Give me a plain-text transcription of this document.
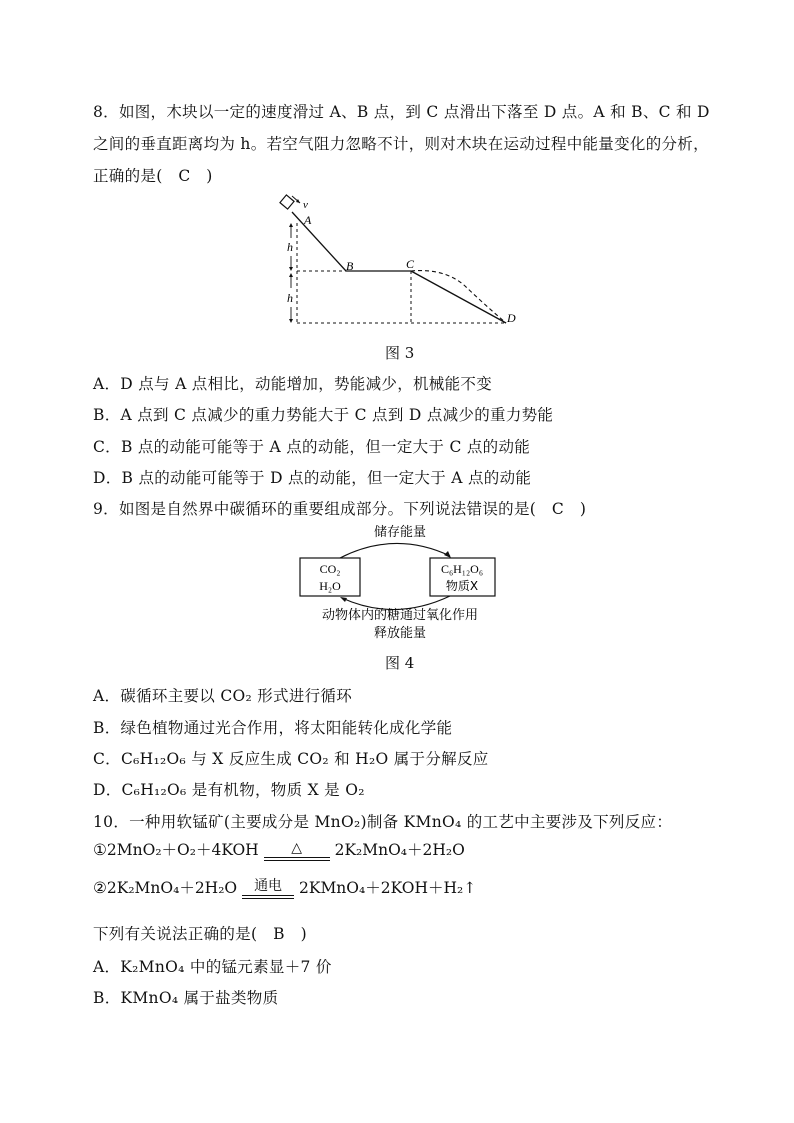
8．如图，木块以一定的速度滑过 A、B 点，到 C 点滑出下落至 D 点。A 和 B、C 和 D
之间的垂直距离均为 h。若空气阻力忽略不计，则对木块在运动过程中能量变化的分析，
正确的是(　C　)
v
h
h
A
B	C
D
图 3
A．D 点与 A 点相比，动能增加，势能减少，机械能不变
B．A 点到 C 点减少的重力势能大于 C 点到 D 点减少的重力势能
C．B 点的动能可能等于 A 点的动能，但一定大于 C 点的动能
D．B 点的动能可能等于 D 点的动能，但一定大于 A 点的动能
9．如图是自然界中碳循环的重要组成部分。下列说法错误的是(　C　)
储存能量
CO₂
H₂O
C₆H₁₂O₆
物质X
动物体内的糖通过氧化作用
释放能量
图 4
A．碳循环主要以 CO₂ 形式进行循环
B．绿色植物通过光合作用，将太阳能转化成化学能
C．C₆H₁₂O₆ 与 X 反应生成 CO₂ 和 H₂O 属于分解反应
D．C₆H₁₂O₆ 是有机物，物质 X 是 O₂
10．一种用软锰矿(主要成分是 MnO₂)制备 KMnO₄ 的工艺中主要涉及下列反应：
①2MnO₂＋O₂＋4KOH	△	2K₂MnO₄＋2H₂O
②2K₂MnO₄＋2H₂O	通电	2KMnO₄＋2KOH＋H₂↑
下列有关说法正确的是(　B　)
A．K₂MnO₄ 中的锰元素显＋7 价
B．KMnO₄ 属于盐类物质
